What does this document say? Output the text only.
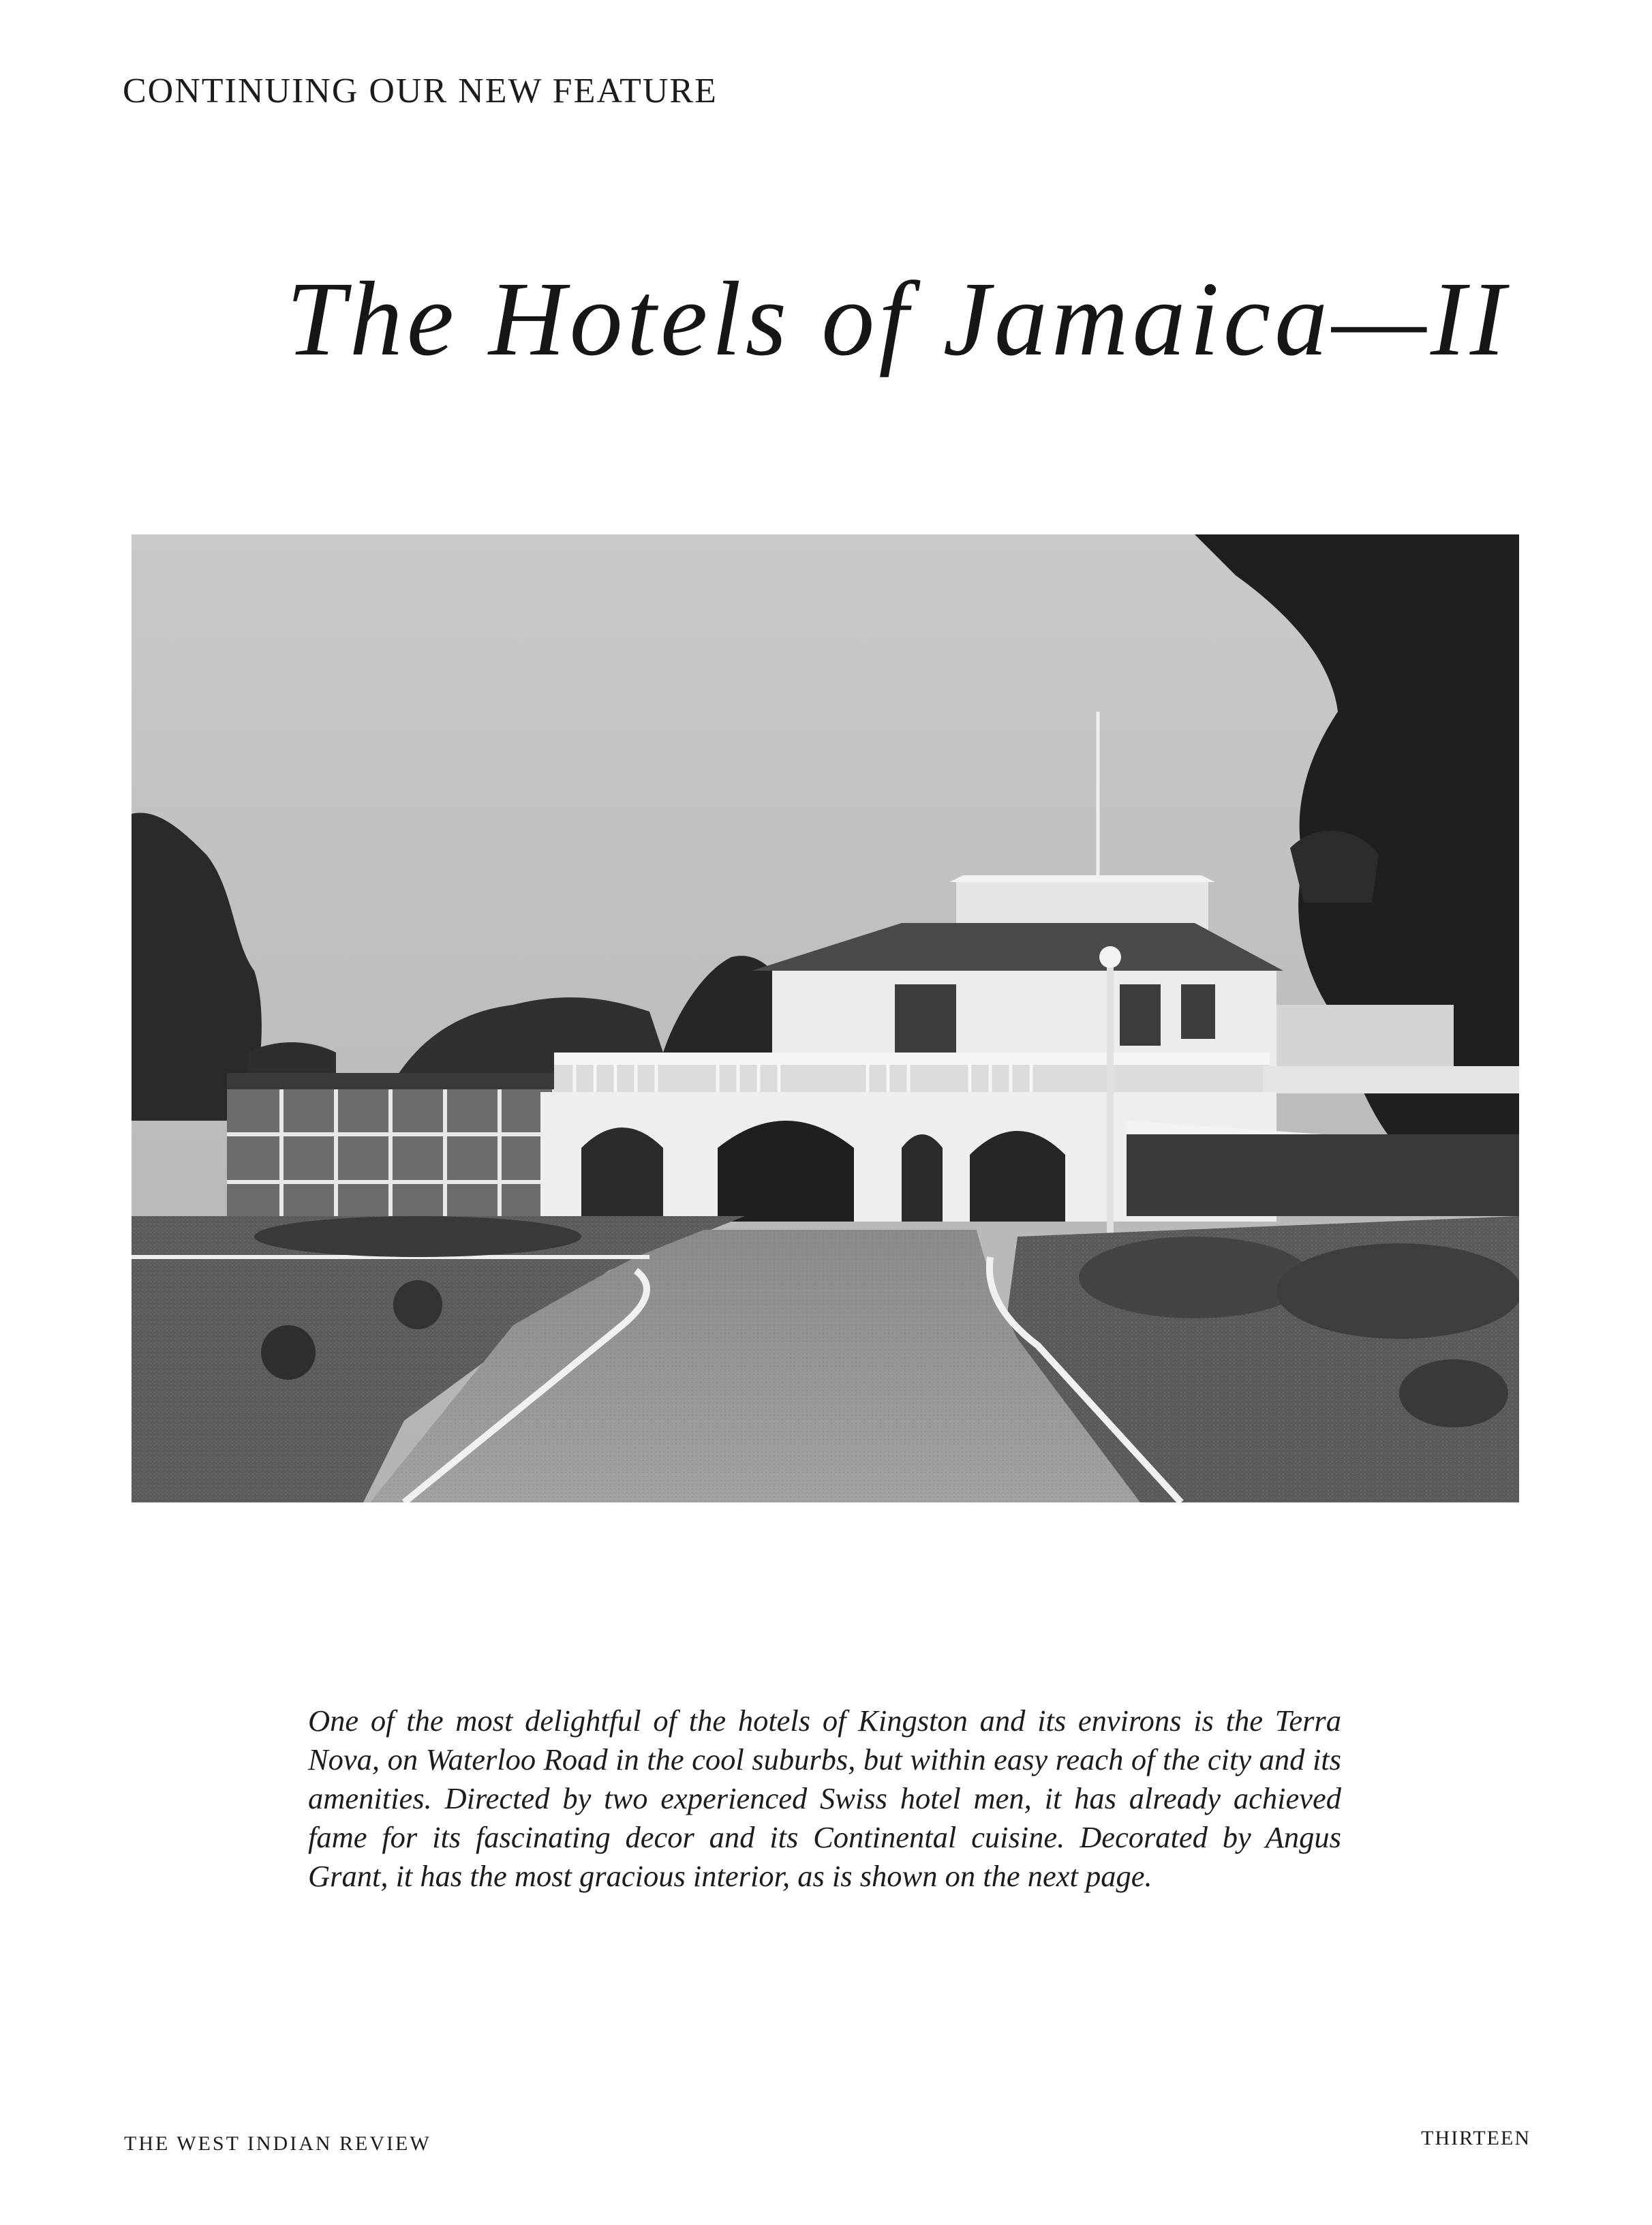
CONTINUING OUR NEW FEATURE
The Hotels of Jamaica—II
One of the most delightful of the hotels of Kingston and its environs is the Terra Nova, on Waterloo Road in the cool suburbs, but within easy reach of the city and its amenities. Directed by two experienced Swiss hotel men, it has already achieved fame for its fascinating decor and its Continental cuisine. Decorated by Angus Grant, it has the most gracious interior, as is shown on the next page.
THE WEST INDIAN REVIEW	THIRTEEN
